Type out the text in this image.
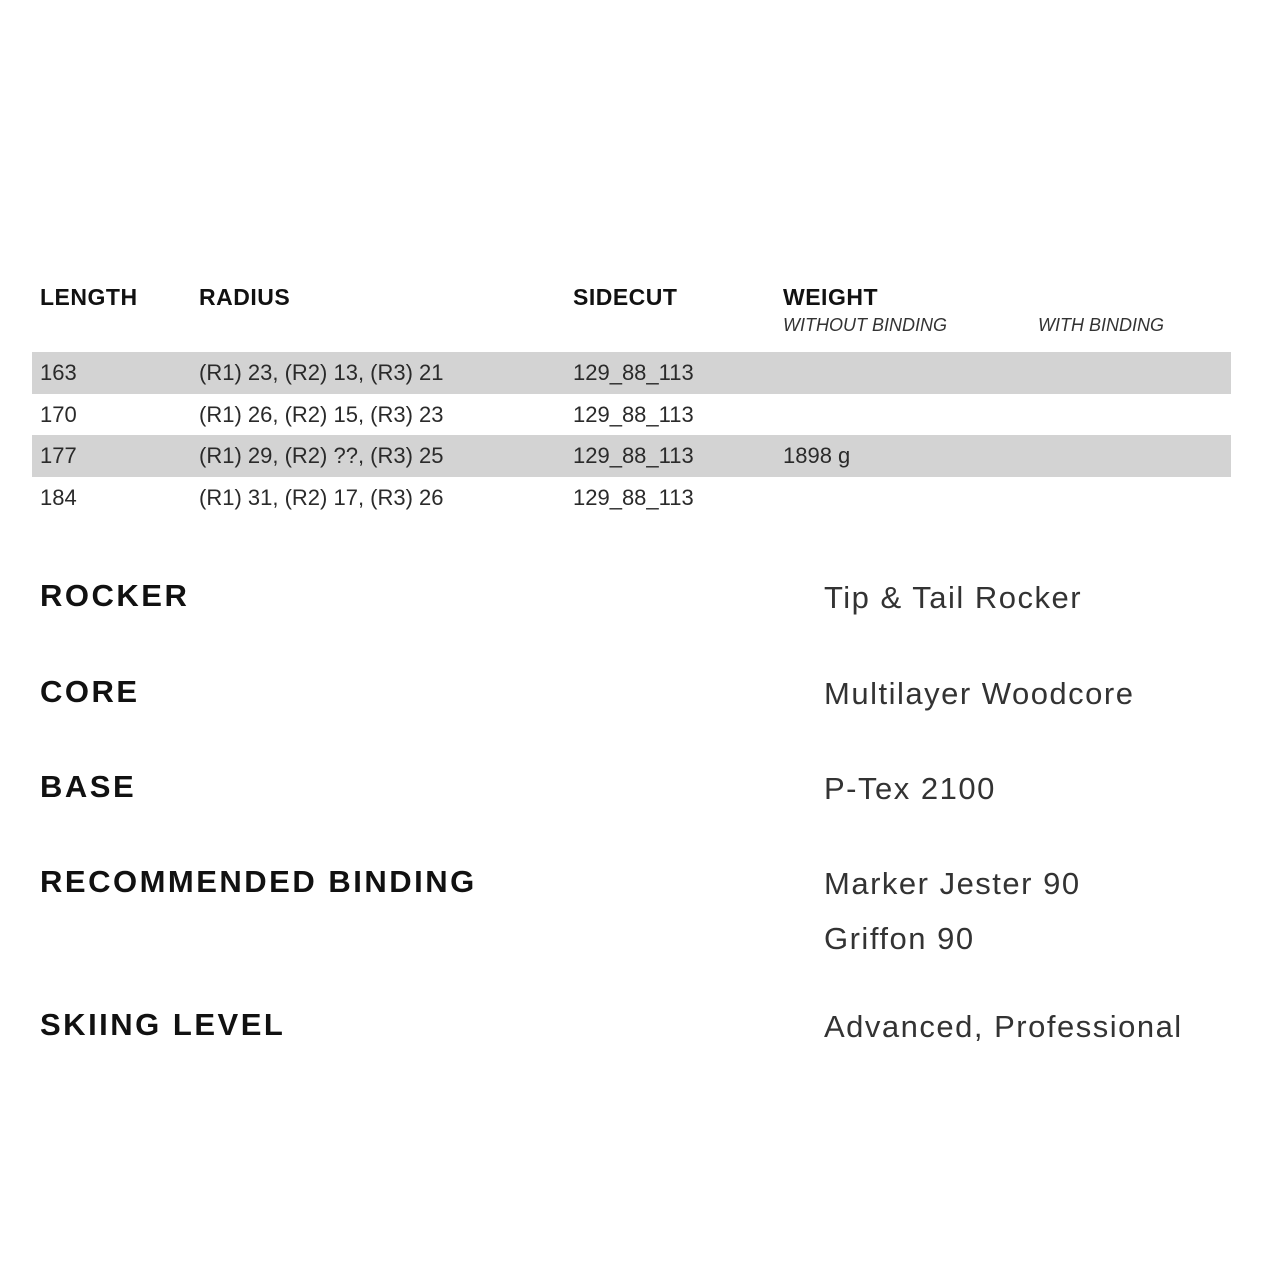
LENGTH	RADIUS	SIDECUT	WEIGHT
WITHOUT BINDING	WITH BINDING
163	(R1) 23, (R2) 13, (R3) 21	129_88_113
170	(R1) 26, (R2) 15, (R3) 23	129_88_113
177	(R1) 29, (R2) ??, (R3) 25	129_88_113	1898 g
184	(R1) 31, (R2) 17, (R3) 26	129_88_113
ROCKER	Tip & Tail Rocker
CORE	Multilayer Woodcore
BASE	P-Tex 2100
RECOMMENDED BINDING	Marker Jester 90
Griffon 90
SKIING LEVEL	Advanced, Professional
